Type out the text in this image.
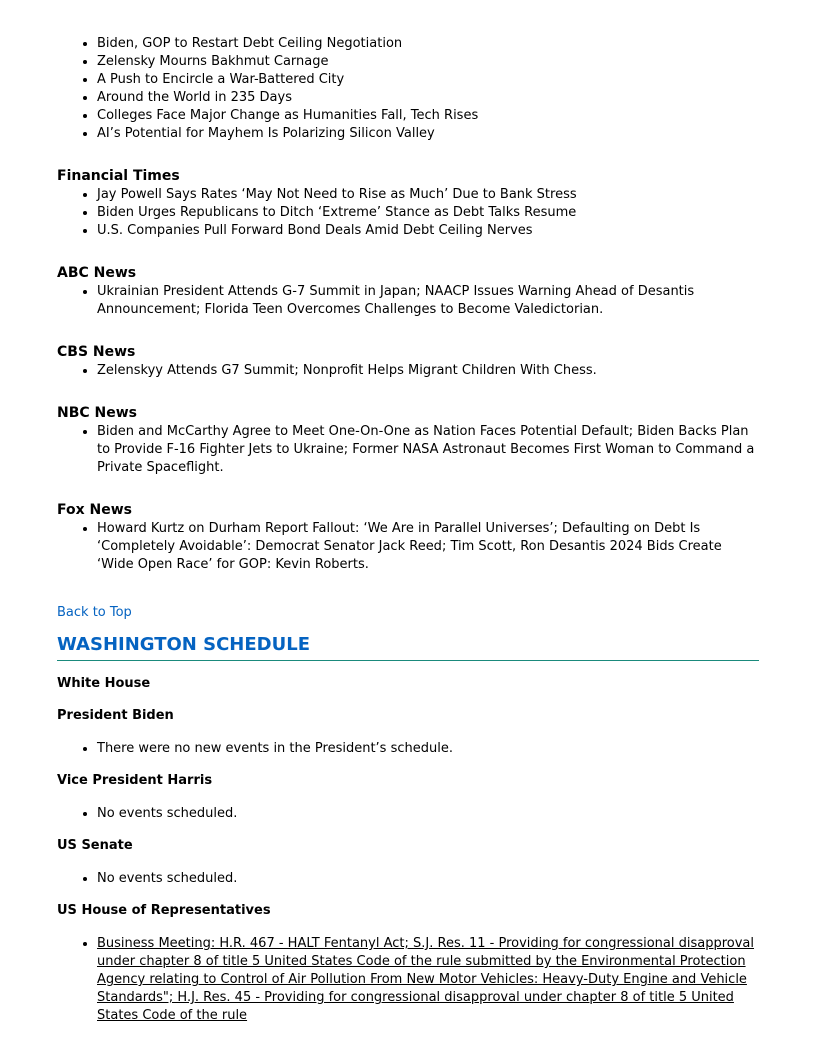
• Biden, GOP to Restart Debt Ceiling Negotiation
• Zelensky Mourns Bakhmut Carnage
• A Push to Encircle a War-Battered City
• Around the World in 235 Days
• Colleges Face Major Change as Humanities Fall, Tech Rises
• AI’s Potential for Mayhem Is Polarizing Silicon Valley
Financial Times
• Jay Powell Says Rates ‘May Not Need to Rise as Much’ Due to Bank Stress
• Biden Urges Republicans to Ditch ‘Extreme’ Stance as Debt Talks Resume
• U.S. Companies Pull Forward Bond Deals Amid Debt Ceiling Nerves
ABC News
• Ukrainian President Attends G-7 Summit in Japan; NAACP Issues Warning Ahead of Desantis Announcement; Florida Teen Overcomes Challenges to Become Valedictorian.
CBS News
• Zelenskyy Attends G7 Summit; Nonprofit Helps Migrant Children With Chess.
NBC News
• Biden and McCarthy Agree to Meet One-On-One as Nation Faces Potential Default; Biden Backs Plan to Provide F-16 Fighter Jets to Ukraine; Former NASA Astronaut Becomes First Woman to Command a Private Spaceflight.
Fox News
• Howard Kurtz on Durham Report Fallout: ‘We Are in Parallel Universes’; Defaulting on Debt Is ‘Completely Avoidable’: Democrat Senator Jack Reed; Tim Scott, Ron Desantis 2024 Bids Create ‘Wide Open Race’ for GOP: Kevin Roberts.
Back to Top
WASHINGTON SCHEDULE
White House
President Biden
• There were no new events in the President’s schedule.
Vice President Harris
• No events scheduled.
US Senate
• No events scheduled.
US House of Representatives
• Business Meeting: H.R. 467 - HALT Fentanyl Act; S.J. Res. 11 - Providing for congressional disapproval under chapter 8 of title 5 United States Code of the rule submitted by the Environmental Protection Agency relating to Control of Air Pollution From New Motor Vehicles: Heavy-Duty Engine and Vehicle Standards"; H.J. Res. 45 - Providing for congressional disapproval under chapter 8 of title 5 United States Code of the rule
